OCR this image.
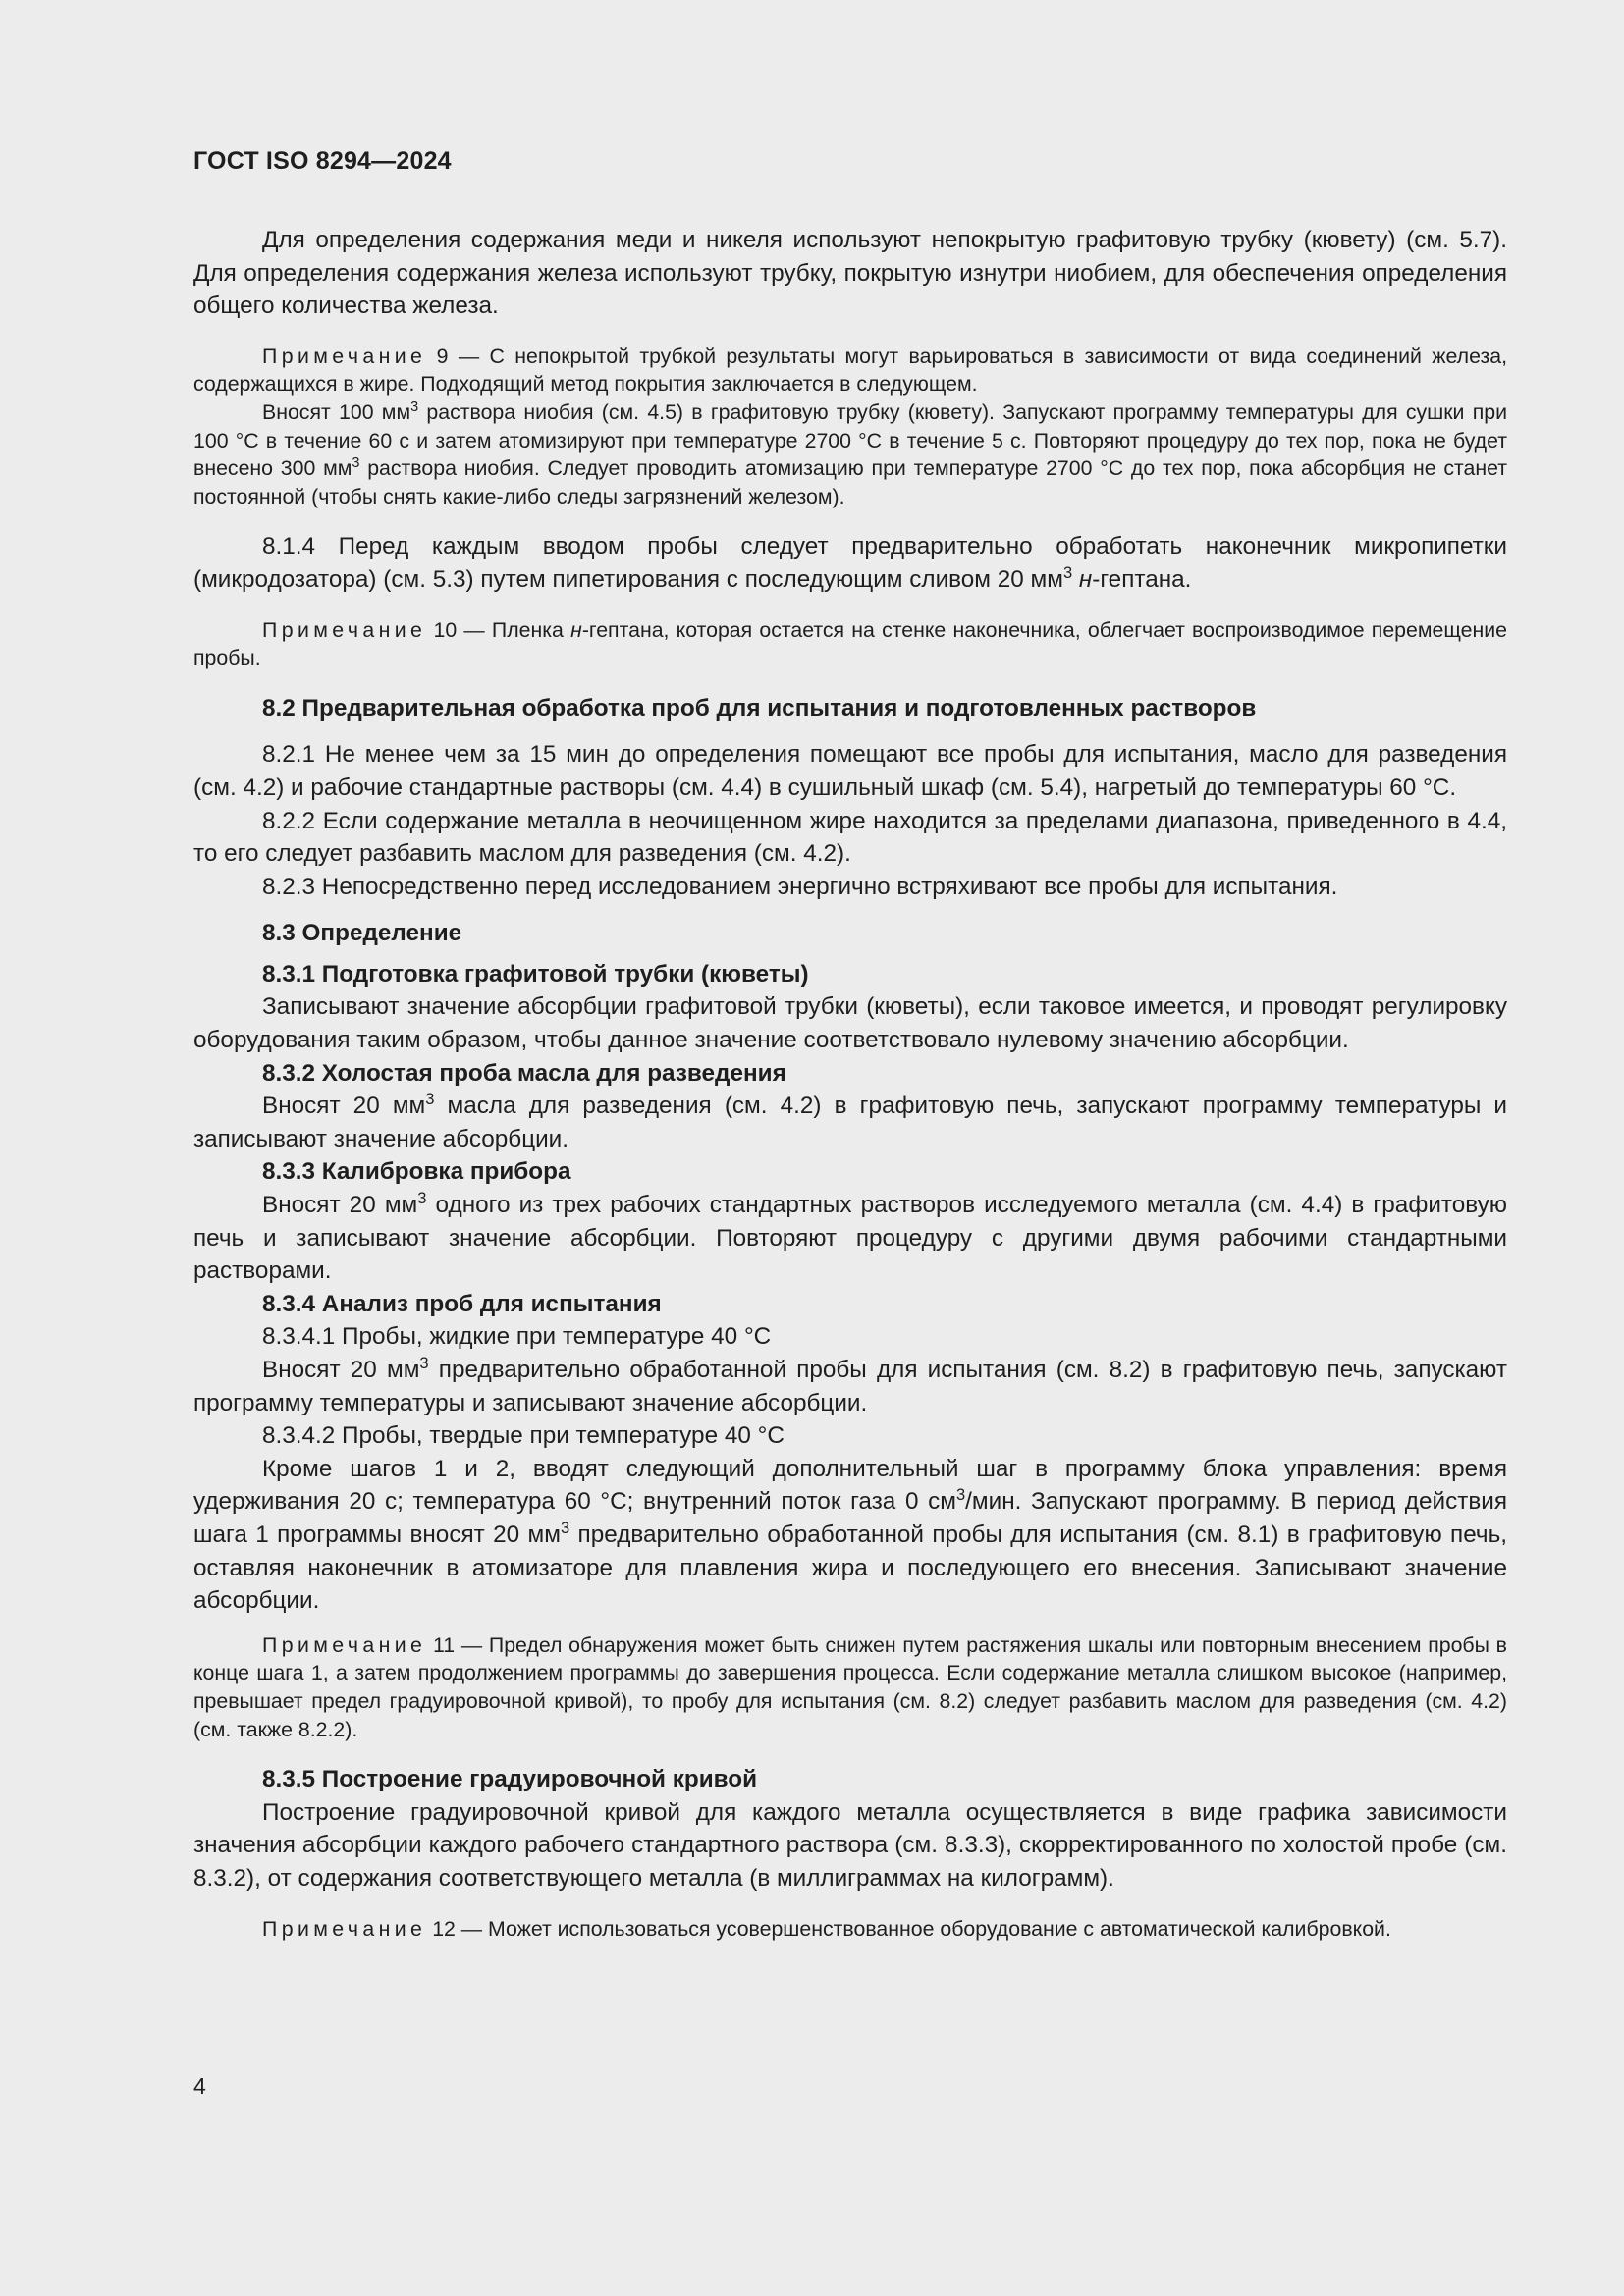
ГОСТ ISO 8294—2024

Для определения содержания меди и никеля используют непокрытую графитовую трубку (кювету) (см. 5.7). Для определения содержания железа используют трубку, покрытую изнутри ниобием, для обеспечения определения общего количества железа.

Примечание 9 — С непокрытой трубкой результаты могут варьироваться в зависимости от вида соединений железа, содержащихся в жире. Подходящий метод покрытия заключается в следующем.

Вносят 100 $мм^3$ раствора ниобия (см. 4.5) в графитовую трубку (кювету). Запускают программу температуры для сушки при 100 °С в течение 60 с и затем атомизируют при температуре 2700 °С в течение 5 с. Повторяют процедуру до тех пор, пока не будет внесено 300 $мм^3$ раствора ниобия. Следует проводить атомизацию при температуре 2700 °С до тех пор, пока абсорбция не станет постоянной (чтобы снять какие-либо следы загрязнений железом).

8.1.4 Перед каждым вводом пробы следует предварительно обработать наконечник микропипетки (микродозатора) (см. 5.3) путем пипетирования с последующим сливом 20 $мм^3$ н-гептана.

Примечание 10 — Пленка н-гептана, которая остается на стенке наконечника, облегчает воспроизводимое перемещение пробы.

8.2 Предварительная обработка проб для испытания и подготовленных растворов

8.2.1 Не менее чем за 15 мин до определения помещают все пробы для испытания, масло для разведения (см. 4.2) и рабочие стандартные растворы (см. 4.4) в сушильный шкаф (см. 5.4), нагретый до температуры 60 °С.

8.2.2 Если содержание металла в неочищенном жире находится за пределами диапазона, приведенного в 4.4, то его следует разбавить маслом для разведения (см. 4.2).

8.2.3 Непосредственно перед исследованием энергично встряхивают все пробы для испытания.

8.3 Определение

8.3.1 Подготовка графитовой трубки (кюветы)

Записывают значение абсорбции графитовой трубки (кюветы), если таковое имеется, и проводят регулировку оборудования таким образом, чтобы данное значение соответствовало нулевому значению абсорбции.

8.3.2 Холостая проба масла для разведения

Вносят 20 $мм^3$ масла для разведения (см. 4.2) в графитовую печь, запускают программу температуры и записывают значение абсорбции.

8.3.3 Калибровка прибора

Вносят 20 $мм^3$ одного из трех рабочих стандартных растворов исследуемого металла (см. 4.4) в графитовую печь и записывают значение абсорбции. Повторяют процедуру с другими двумя рабочими стандартными растворами.

8.3.4 Анализ проб для испытания

8.3.4.1 Пробы, жидкие при температуре 40 °С

Вносят 20 $мм^3$ предварительно обработанной пробы для испытания (см. 8.2) в графитовую печь, запускают программу температуры и записывают значение абсорбции.

8.3.4.2 Пробы, твердые при температуре 40 °С

Кроме шагов 1 и 2, вводят следующий дополнительный шаг в программу блока управления: время удерживания 20 с; температура 60 °С; внутренний поток газа 0 $см^3$/мин. Запускают программу. В период действия шага 1 программы вносят 20 $мм^3$ предварительно обработанной пробы для испытания (см. 8.1) в графитовую печь, оставляя наконечник в атомизаторе для плавления жира и последующего его внесения. Записывают значение абсорбции.

Примечание 11 — Предел обнаружения может быть снижен путем растяжения шкалы или повторным внесением пробы в конце шага 1, а затем продолжением программы до завершения процесса. Если содержание металла слишком высокое (например, превышает предел градуировочной кривой), то пробу для испытания (см. 8.2) следует разбавить маслом для разведения (см. 4.2) (см. также 8.2.2).

8.3.5 Построение градуировочной кривой

Построение градуировочной кривой для каждого металла осуществляется в виде графика зависимости значения абсорбции каждого рабочего стандартного раствора (см. 8.3.3), скорректированного по холостой пробе (см. 8.3.2), от содержания соответствующего металла (в миллиграммах на килограмм).

Примечание 12 — Может использоваться усовершенствованное оборудование с автоматической калибровкой.

4
